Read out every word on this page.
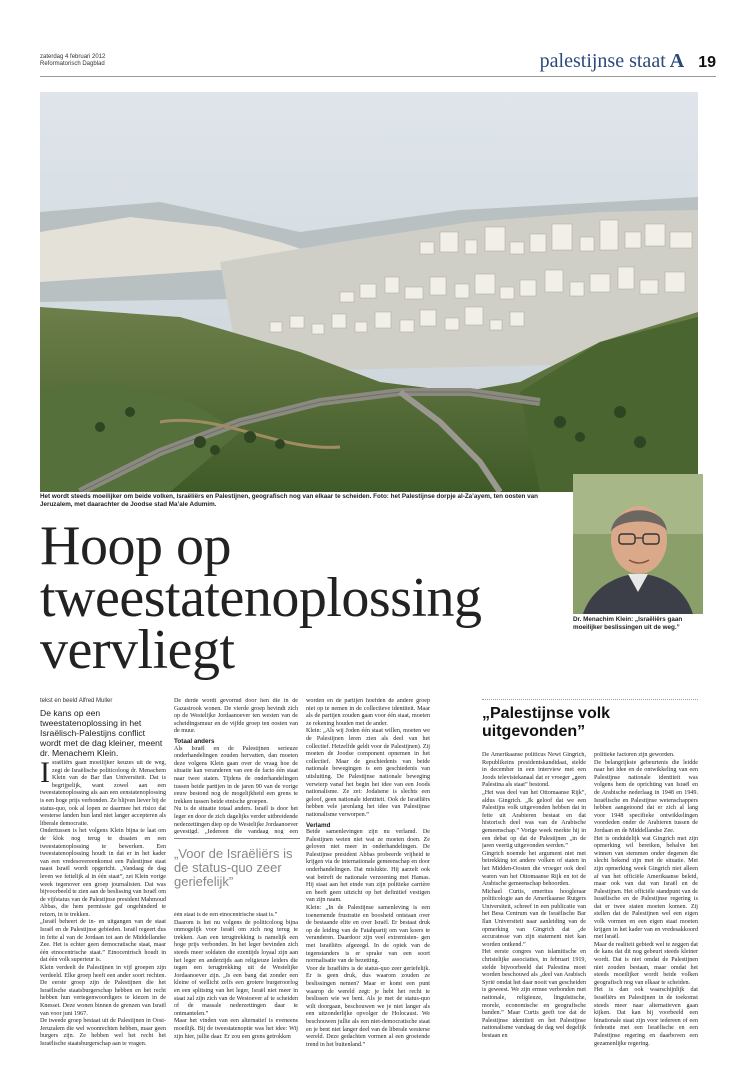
zaterdag 4 februari 2012
Reformatorisch Dagblad	palestijnse staat A 19
Het wordt steeds moeilijker om beide volken, Israëliërs en Palestijnen, geografisch nog van elkaar te scheiden. Foto: het Palestijnse dorpje al-Za’ayem, ten oosten van Jeruzalem, met daarachter de Joodse stad Ma’ale Adumim.
Dr. Menachim Klein: „Israëliërs gaan moeilijker beslissingen uit de weg.”
Hoop op
tweestatenoplossing
vervliegt
tekst en beeld Alfred Muller
De kans op een tweestatenoplossing in het Israëlisch-Palestijns conflict wordt met de dag kleiner, meent dr. Menachem Klein.

Israëliërs gaan moeilijker keuzes uit de weg, zegt de Israëlische politicoloog dr. Menachem Klein van de Bar Ilan Universiteit. Dat is begrijpelijk, want zowel aan een tweestatenoplossing als aan een eenstatenoplossing is een hoge prijs verbonden. Ze blijven liever bij de status-quo, ook al lopen ze daarmee het risico dat westerse landen hun land niet langer accepteren als liberale democratie.

Ondertussen is het volgens Klein bijna te laat om de klok nog terug te draaien en een tweestatenoplossing te bewerken. Een tweestatenoplossing houdt in dat er in het kader van een vredesovereenkomst een Palestijnse staat naast Israël wordt opgericht. „Vandaag de dag leven we feitelijk al in één staat”, zei Klein vorige week tegenover een groep journalisten. Dat was bijvoorbeeld te zien aan de beslissing van Israël om de vijfstatus van de Palestijnse president Mahmoud Abbas, die hem permissie gaf ongehinderd te reizen, in te trekken.

„Israël beheert de in- en uitgangen van de staat Israël en de Palestijnse gebieden. Israël regeert dus in feite al van de Jordaan tot aan de Middellandse Zee. Het is echter geen democratische staat, maar één etnocentrische staat.” Etnocentrisch houdt in dat één volk superieur is.

Klein verdeelt de Palestijnen in vijf groepen zijn verdeeld. Elke groep heeft een ander soort rechten. De eerste groep zijn de Palestijnen die het Israëlische staatsburgerschap hebben en het recht hebben hun vertegenwoordigers te kiezen in de Knesset. Deze wonen binnen de grenzen van Israël van voor juni 1967.

De tweede groep bestaat uit de Palestijnen in Oost-Jeruzalem die wel woonrechten hebben, maar geen burgers zijn. Ze hebben wel het recht het Israëlische staatsburgerschap aan te vragen.

De derde wordt gevormd door hen die in de Gazastrook wonen. De vierde groep bevindt zich op de Westelijke Jordaanoever ten westen van de scheidingsmuur en de vijfde groep ten oosten van de muur.

Totaal anders

Als Israël en de Palestijnen serieuze onderhandelingen zouden hervatten, dan moeten deze volgens Klein gaan over de vraag hoe de situatie kan veranderen van een de facto één staat naar twee staten. Tijdens de onderhandelingen tussen beide partijen in de jaren 90 van de vorige eeuw bestond nog de mogelijkheid een grens te trekken tussen beide etnische groepen.

Nu is de situatie totaal anders. Israël is door het leger en door de zich dagelijks verder uitbreidende nederzettingen diep op de Westelijke Jordaanoever gevestigd. „Iedereen die vandaag nog een

„Voor de Israëliërs is de status-quo zeer geriefelijk”

één staat is de een etnocentrische staat is.”

Daarom is het nu volgens de politicoloog bijna onmogelijk voor Israël om zich nog terug te trekken. Aan een terugtrekking is namelijk een hoge prijs verbonden. In het leger bevinden zich steeds meer soldaten die ezentijds loyaal zijn aan het leger en anderzijds aan religieuze leiders die tegen een terugtrekking uit de Westelijke Jordaanoever zijn. „Is een bang dat zonder een kleine of wellicht zelfs een grotere burgeroorlog en een splitsing van het leger, Israël niet meer in staat zal zijn zich van de Westoever af te scheiden of de massale nederzettingen daar te ontmantelen.”

Maar het vinden van een alternatief is eveneens moeilijk. Bij de tweestatenoptie was het idee: Wij zijn hier, jullie daar. Er zou een grens getrokken

worden en de partijen hoefden de andere groep niet op te nemen in de collectieve identiteit. Maar als de partijen zouden gaan voor één staat, moeten ze rekening houden met de ander.

Klein: „Als wij Joden één staat willen, moeten we de Palestijnen leren zien als deel van het collectief. Hetzelfde geldt voor de Palestijnen). Zij moeten de Joodse component opnemen in het collectief. Maar de geschiedenis van beide nationale bewegingen is een geschiedenis van uitsluiting. De Palestijnse nationale beweging verwierp vanaf het begin het idee van een Joods nationalisme. Ze zei: Jodaïsme is slechts een geloof, geen nationale identiteit. Ook de Israëliërs hebben vele jarenlang het idee van Palestijnse nationalisme verworpen.”

Verlamd

Beide samenlevingen zijn nu verlamd. De Palestijnen weten niet wat ze moeten doen. Ze geloven niet meer in onderhandelingen. De Palestijnse president Abbas probeerde vrijheid te krijgen via de internationale gemeenschap en door onderhandelingen. Dat mislukte. Hij aarzelt ook wat betreft de nationale verzoening met Hamas. Hij staat aan het einde van zijn politieke carrière en heeft geen uitzicht op het definitief vestigen van zijn naam.

Klein: „In de Palestijnse samenleving is een toenemende frustratie en boosheid ontstaan over de bestaande elite en over Israël. Er bestaat druk op de leiding van de Fatahpartij om van koers te veranderen. Daardoor zijn veel extremisten- gen met Israëliërs afgezegd. In de opiek van de tegenstanders is er sprake van een soort normalisatie van de bezetting.

Voor de Israëliërs is de status-quo zeer geriefelijk. Er is geen druk, dus waarom zouden ze beslissingen nemen? Maar er komt een punt waarop de wereld zegt: je hebt het recht te beslissen wie we bent. Als je met de status-quo wilt doorgaan, beschouwen we je niet langer als een uitzonderlijke opvolger de Holocaust. We beschouwen jullie als een niet-democratische staat en je bent niet langer deel van de liberale westerse wereld. Deze gedachten vormen al een groeiende trend in het buitenland.”

„Palestijnse volk uitgevonden”

De Amerikaanse politicus Newt Gingrich, Republikeins presidentskandidaat, stelde in december in een interview met een Joods televisiekanaal dat er vroeger „geen Palestina als staat” bestond.

„Het was deel van het Ottomaanse Rijk”, aldus Gingrich. „Ik geloof dat we een Palestijns volk uitgevonden hebben dat in feite uit Arabieren bestaat en dat historisch deel was van de Arabische gemeenschap.” Vorige week merkte hij in een debat op dat de Palestijnen „in de jaren veertig uitgevonden werden.”

Gingrich noemde het argument niet met betrekking tot andere volken of staten in het Midden-Oosten die vroeger ook deel waren van het Ottomaanse Rijk en tot de Arabische gemeenschap behoorden.

Michael Curtis, emeritus hoogleraar politicologie aan de Amerikaanse Rutgers Universiteit, schreef in een publicatie van het Besa Centrum van de Israëlische Bar Ilan Universiteit naar aanleiding van de opmerking van Gingrich dat „de accuratesse van zijn statement niet kan worden ontkend.”

Het eerste congres van islamitische en christelijke associaties, in februari 1919, stelde bijvoorbeeld dat Palestina moet worden beschouwd als „deel van Arabisch Syrië omdat het daar nooit van gescheiden is geweest. We zijn ermee verbonden met nationale, religieuze, linguïstische, morele, economische en geografische banden.” Maar Curtis geeft toe dat de Palestijnse identiteit en het Palestijnse nationalisme vandaag de dag wel degelijk bestaan en

politieke factoren zijn geworden.

De belangrijkste gebeurtenis die leidde naar het idee en de ontwikkeling van een Palestijnse nationale identiteit was volgens hem de oprichting van Israël en de Arabische nederlaag in 1948 en 1949. Israëlische en Palestijnse wetenschappers hebben aangetoond dat er zich al lang voor 1948 specifieke ontwikkelingen voordeden onder de Arabieren tussen de Jordaan en de Middellandse Zee.

Het is onduidelijk wat Gingrich met zijn opmerking wil bereiken, behalve het winnen van stemmen onder degenen die slecht bekend zijn met de situatie. Met zijn opmerking week Gingrich niet alleen af van het officiële Amerikaanse beleid, maar ook van dat van Israël en de Palestijnen. Het officiële standpunt van de Israëlische en de Palestijnse regering is dat er twee staten moeten komen. Zij stellen dat de Palestijnen wel een eigen volk vormen en een eigen staat moeten krijgen in het kader van en vredesakkoord met Israël.

Maar de realiteit gebiedt wel te zeggen dat de kans dat dit nog gebeurt steeds kleiner wordt. Dat is niet omdat de Palestijnen niet zouden bestaan, maar omdat het steeds moeilijker wordt beide volken geografisch nog van elkaar te scheiden.

Het is dan ook waarschijnlijk dat Israëliërs en Palestijnen in de toekomst steeds meer naar alternatieven gaan kijken. Dat kan bij voorbeeld een binationale staat zijn voor iedereen of een federatie met een Israëlische en een Palestijnse regering en daarboven een gezamenlijke regering.
